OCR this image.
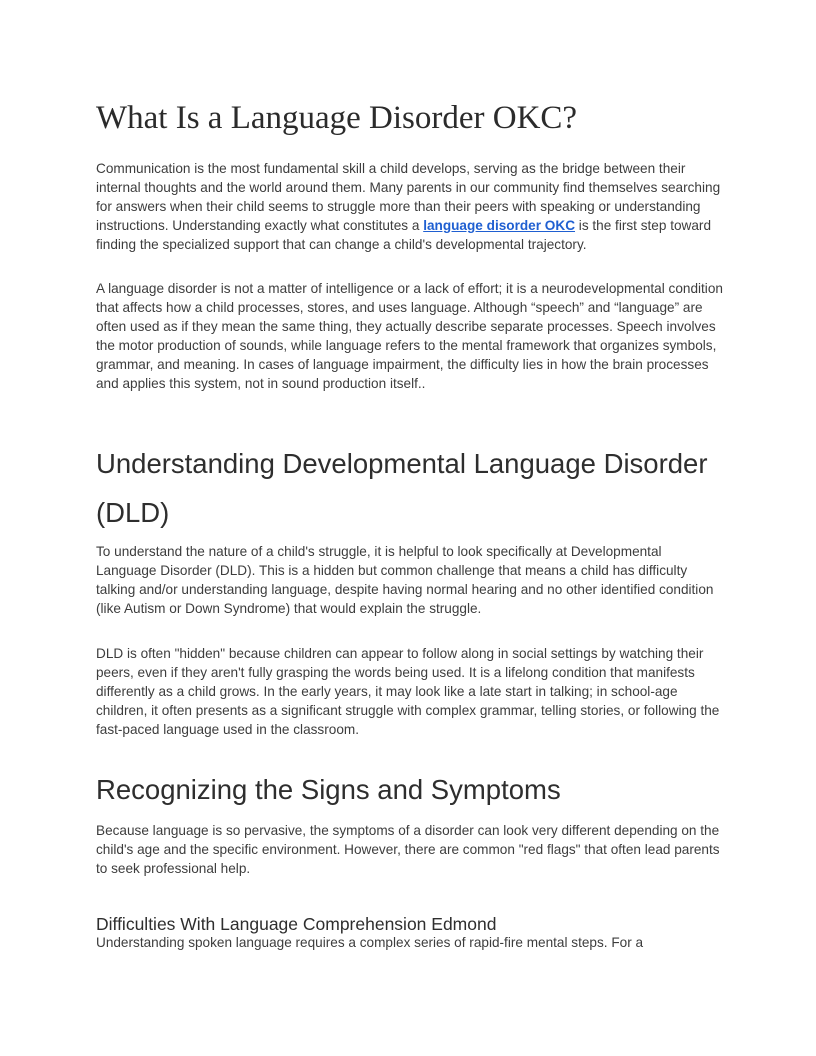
What Is a Language Disorder OKC?

Communication is the most fundamental skill a child develops, serving as the bridge between their internal thoughts and the world around them. Many parents in our community find themselves searching for answers when their child seems to struggle more than their peers with speaking or understanding instructions. Understanding exactly what constitutes a language disorder OKC is the first step toward finding the specialized support that can change a child's developmental trajectory.

A language disorder is not a matter of intelligence or a lack of effort; it is a neurodevelopmental condition that affects how a child processes, stores, and uses language. Although “speech” and “language” are often used as if they mean the same thing, they actually describe separate processes. Speech involves the motor production of sounds, while language refers to the mental framework that organizes symbols, grammar, and meaning. In cases of language impairment, the difficulty lies in how the brain processes and applies this system, not in sound production itself..

Understanding Developmental Language Disorder (DLD)

To understand the nature of a child's struggle, it is helpful to look specifically at Developmental Language Disorder (DLD). This is a hidden but common challenge that means a child has difficulty talking and/or understanding language, despite having normal hearing and no other identified condition (like Autism or Down Syndrome) that would explain the struggle.

DLD is often "hidden" because children can appear to follow along in social settings by watching their peers, even if they aren't fully grasping the words being used. It is a lifelong condition that manifests differently as a child grows. In the early years, it may look like a late start in talking; in school-age children, it often presents as a significant struggle with complex grammar, telling stories, or following the fast-paced language used in the classroom.

Recognizing the Signs and Symptoms

Because language is so pervasive, the symptoms of a disorder can look very different depending on the child's age and the specific environment. However, there are common "red flags" that often lead parents to seek professional help.

Difficulties With Language Comprehension Edmond

Understanding spoken language requires a complex series of rapid-fire mental steps. For a
